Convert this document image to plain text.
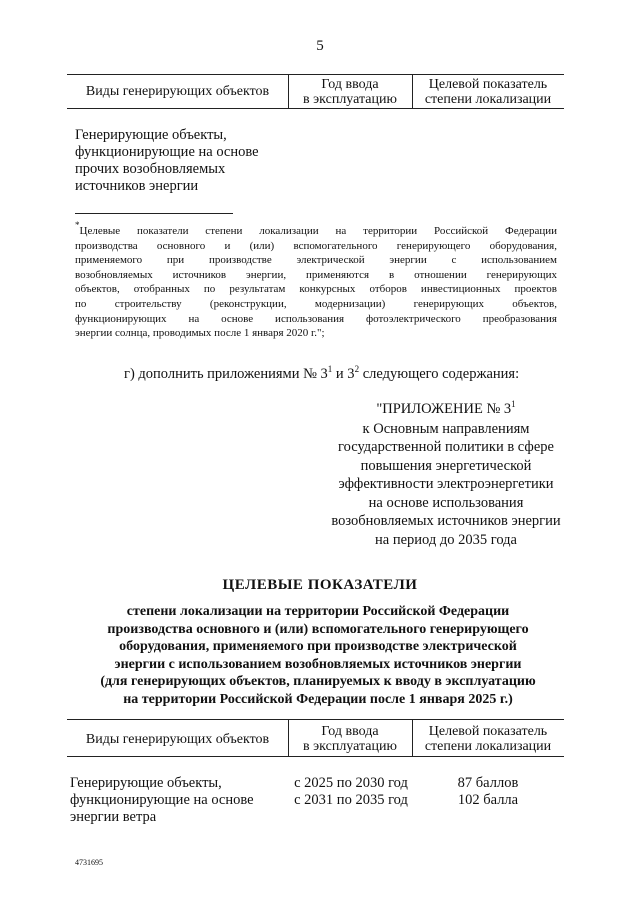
5
Виды генерирующих объектов	Год ввода
в эксплуатацию
Целевой показатель
степени локализации
Генерирующие объекты,
функционирующие на основе
прочих возобновляемых
источников энергии
*Целевые показатели степени локализации на территории Российской Федерации
производства основного и (или) вспомогательного генерирующего оборудования,
применяемого при производстве электрической энергии с использованием
возобновляемых источников энергии, применяются в отношении генерирующих
объектов, отобранных по результатам конкурсных отборов инвестиционных проектов
по строительству (реконструкции, модернизации) генерирующих объектов,
функционирующих на основе использования фотоэлектрического преобразования
энергии солнца, проводимых после 1 января 2020 г.";
г) дополнить приложениями № $3^1$ и $3^2$ следующего содержания:
"ПРИЛОЖЕНИЕ № $3^1$
к Основным направлениям
государственной политики в сфере
повышения энергетической
эффективности электроэнергетики
на основе использования
возобновляемых источников энергии
на период до 2035 года
ЦЕЛЕВЫЕ ПОКАЗАТЕЛИ
степени локализации на территории Российской Федерации
производства основного и (или) вспомогательного генерирующего
оборудования, применяемого при производстве электрической
энергии с использованием возобновляемых источников энергии
(для генерирующих объектов, планируемых к вводу в эксплуатацию
на территории Российской Федерации после 1 января 2025 г.)
Виды генерирующих объектов
Год ввода
в эксплуатацию
Целевой показатель
степени локализации
Генерирующие объекты,
функционирующие на основе
энергии ветра
с 2025 по 2030 год
с 2031 по 2035 год
87 баллов
102 балла
4731695
